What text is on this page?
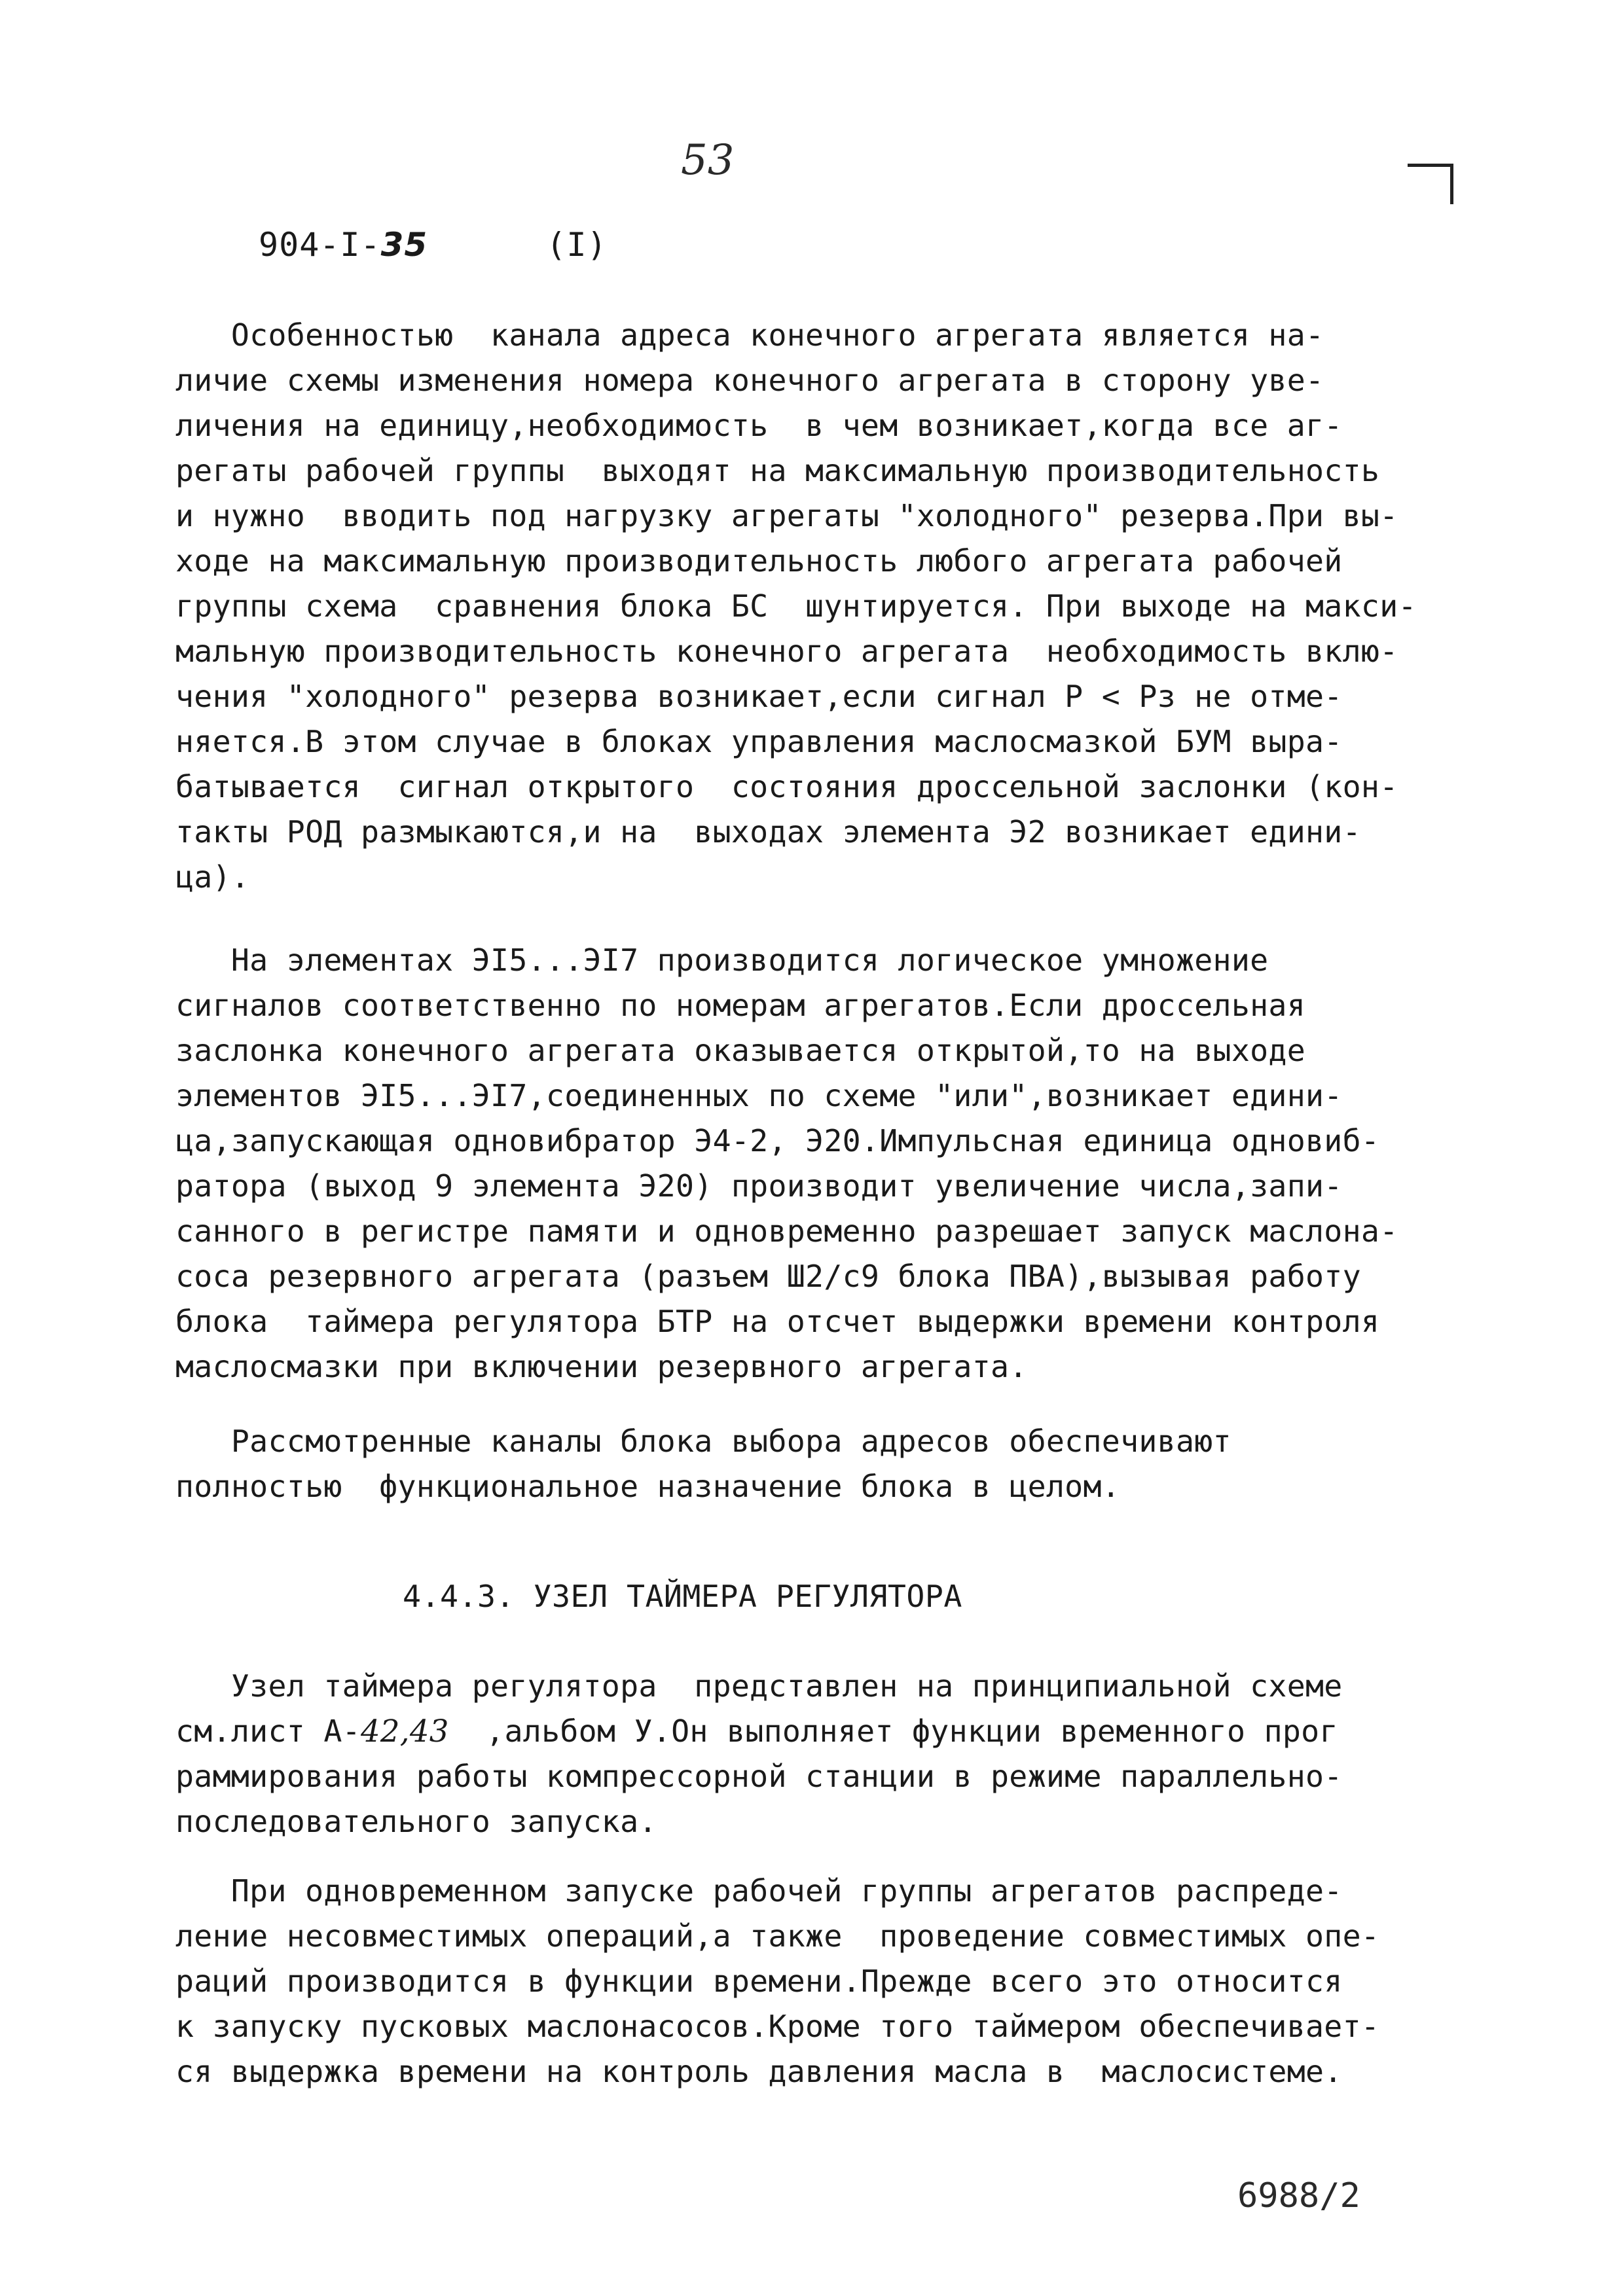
53
904-I-35	(I)
Особенностью  канала адреса конечного агрегата является на-
личие схемы изменения номера конечного агрегата в сторону уве-
личения на единицу,необходимость  в чем возникает,когда все аг-
регаты рабочей группы  выходят на максимальную производительность
и нужно  вводить под нагрузку агрегаты "холодного" резерва.При вы-
ходе на максимальную производительность любого агрегата рабочей
группы схема  сравнения блока БС  шунтируется. При выходе на макси-
мальную производительность конечного агрегата  необходимость вклю-
чения "холодного" резерва возникает,если сигнал Р < Рз не отме-
няется.В этом случае в блоках управления маслосмазкой БУМ выра-
батывается  сигнал открытого  состояния дроссельной заслонки (кон-
такты РОД размыкаются,и на  выходах элемента Э2 возникает едини-
ца).
На элементах ЭI5...ЭI7 производится логическое умножение
сигналов соответственно по номерам агрегатов.Если дроссельная
заслонка конечного агрегата оказывается открытой,то на выходе
элементов ЭI5...ЭI7,соединенных по схеме "или",возникает едини-
ца,запускающая одновибратор Э4-2, Э20.Импульсная единица одновиб-
ратора (выход 9 элемента Э20) производит увеличение числа,запи-
санного в регистре памяти и одновременно разрешает запуск маслона-
соса резервного агрегата (разъем Ш2/с9 блока ПВА),вызывая работу
блока  таймера регулятора БТР на отсчет выдержки времени контроля
маслосмазки при включении резервного агрегата.
Рассмотренные каналы блока выбора адресов обеспечивают
полностью  функциональное назначение блока в целом.
4.4.3. УЗЕЛ ТАЙМЕРА РЕГУЛЯТОРА
Узел таймера регулятора  представлен на принципиальной схеме
см.лист А-42,43  ,альбом У.Он выполняет функции временного прог
раммирования работы компрессорной станции в режиме параллельно-
последовательного запуска.
При одновременном запуске рабочей группы агрегатов распреде-
ление несовместимых операций,а также  проведение совместимых опе-
раций производится в функции времени.Прежде всего это относится
к запуску пусковых маслонасосов.Кроме того таймером обеспечивает-
ся выдержка времени на контроль давления масла в  маслосистеме.
6988/2
